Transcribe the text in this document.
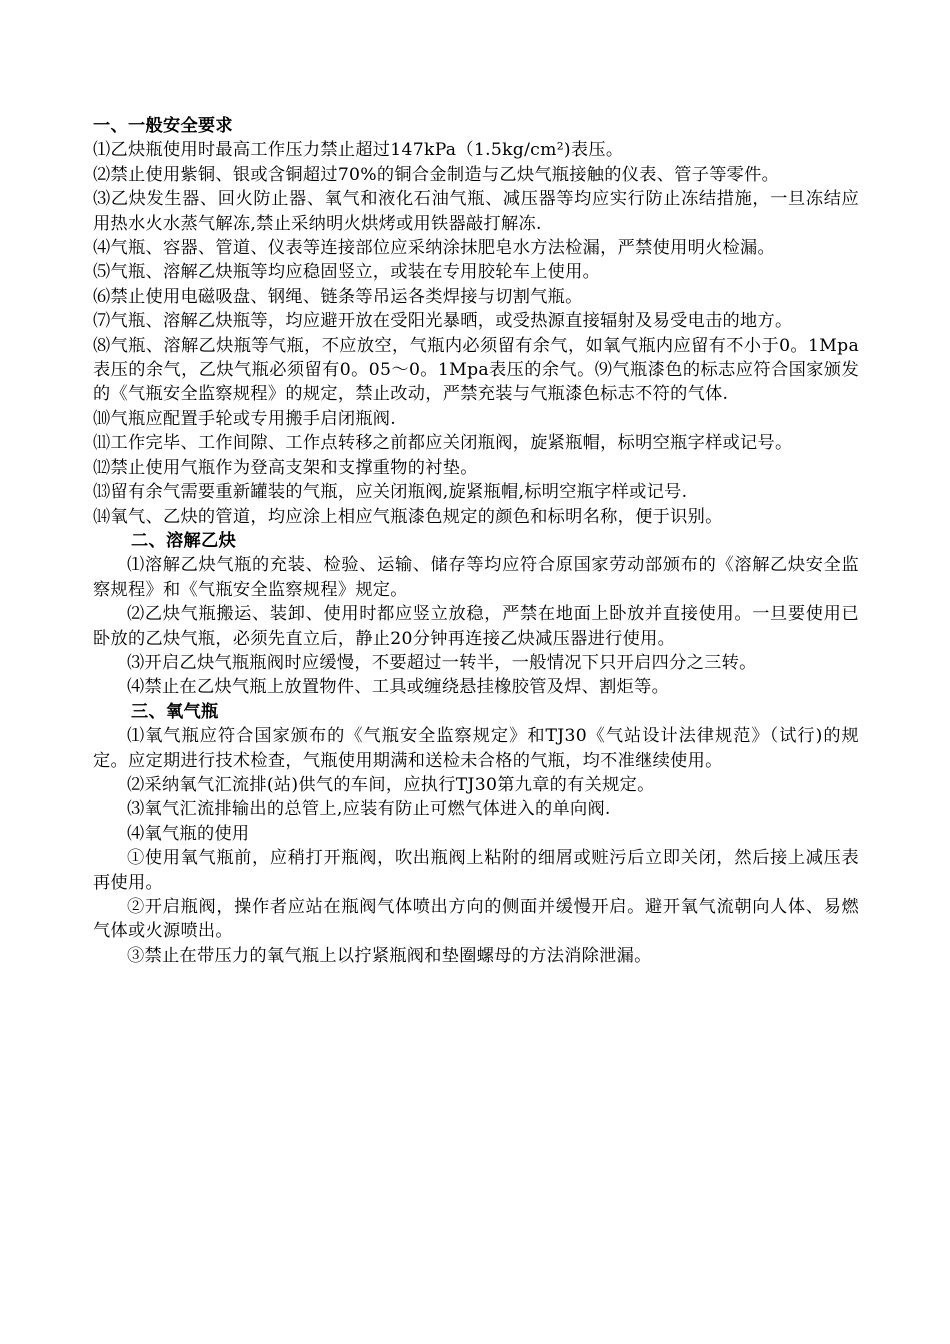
一、一般安全要求

⑴乙炔瓶使用时最高工作压力禁止超过147kPa（1.5kg/cm²)表压。

⑵禁止使用紫铜、银或含铜超过70%的铜合金制造与乙炔气瓶接触的仪表、管子等零件。

⑶乙炔发生器、回火防止器、氧气和液化石油气瓶、减压器等均应实行防止冻结措施，一旦冻结应用热水火水蒸气解冻,禁止采纳明火烘烤或用铁器敲打解冻.

⑷气瓶、容器、管道、仪表等连接部位应采纳涂抹肥皂水方法检漏，严禁使用明火检漏。

⑸气瓶、溶解乙炔瓶等均应稳固竖立，或装在专用胶轮车上使用。

⑹禁止使用电磁吸盘、钢绳、链条等吊运各类焊接与切割气瓶。

⑺气瓶、溶解乙炔瓶等，均应避开放在受阳光暴晒，或受热源直接辐射及易受电击的地方。

⑻气瓶、溶解乙炔瓶等气瓶，不应放空，气瓶内必须留有余气，如氧气瓶内应留有不小于0。1Mpa表压的余气，乙炔气瓶必须留有0。05～0。1Mpa表压的余气。⑼气瓶漆色的标志应符合国家颁发的《气瓶安全监察规程》的规定，禁止改动，严禁充装与气瓶漆色标志不符的气体.

⑽气瓶应配置手轮或专用搬手启闭瓶阀.

⑾工作完毕、工作间隙、工作点转移之前都应关闭瓶阀，旋紧瓶帽，标明空瓶字样或记号。

⑿禁止使用气瓶作为登高支架和支撑重物的衬垫。

⒀留有余气需要重新罐装的气瓶，应关闭瓶阀,旋紧瓶帽,标明空瓶字样或记号.

⒁氧气、乙炔的管道，均应涂上相应气瓶漆色规定的颜色和标明名称，便于识别。

二、溶解乙炔

⑴溶解乙炔气瓶的充装、检验、运输、储存等均应符合原国家劳动部颁布的《溶解乙炔安全监察规程》和《气瓶安全监察规程》规定。

⑵乙炔气瓶搬运、装卸、使用时都应竖立放稳，严禁在地面上卧放并直接使用。一旦要使用已卧放的乙炔气瓶，必须先直立后，静止20分钟再连接乙炔减压器进行使用。

⑶开启乙炔气瓶瓶阀时应缓慢，不要超过一转半，一般情况下只开启四分之三转。

⑷禁止在乙炔气瓶上放置物件、工具或缠绕悬挂橡胶管及焊、割炬等。

三、氧气瓶

⑴氧气瓶应符合国家颁布的《气瓶安全监察规定》和TJ30《气站设计法律规范》（试行)的规定。应定期进行技术检查，气瓶使用期满和送检未合格的气瓶，均不准继续使用。

⑵采纳氧气汇流排(站)供气的车间，应执行TJ30第九章的有关规定。

⑶氧气汇流排输出的总管上,应装有防止可燃气体进入的单向阀.

⑷氧气瓶的使用

①使用氧气瓶前，应稍打开瓶阀，吹出瓶阀上粘附的细屑或赃污后立即关闭，然后接上减压表再使用。

②开启瓶阀，操作者应站在瓶阀气体喷出方向的侧面并缓慢开启。避开氧气流朝向人体、易燃气体或火源喷出。

③禁止在带压力的氧气瓶上以拧紧瓶阀和垫圈螺母的方法消除泄漏。
